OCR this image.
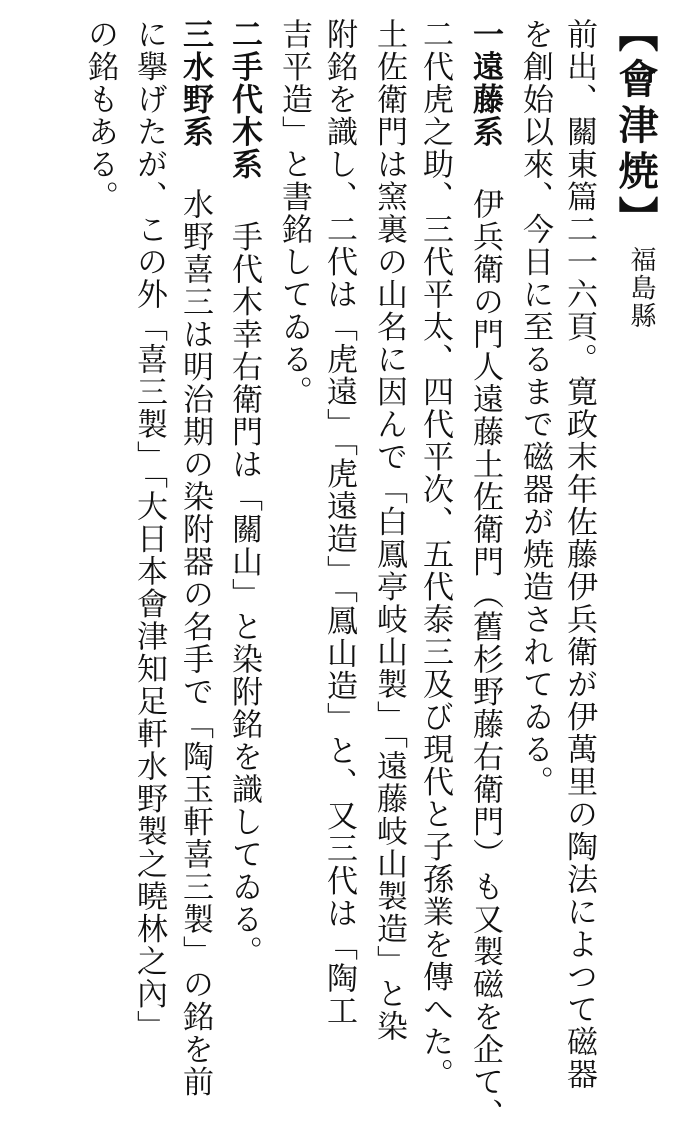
【會津焼】
福島縣
前出、關東篇二一六頁。寛政末年佐藤伊兵衛が伊萬里の陶法によつて磁器
を創始以來、今日に至るまで磁器が焼造されてゐる。
一遠藤系伊兵衛の門人遠藤土佐衛門（舊杉野藤右衛門）も又製磁を企て、
二代虎之助、三代平太、四代平次、五代泰三及び現代と子孫業を傳へた。
土佐衛門は窯裏の山名に因んで「白鳳亭岐山製」「遠藤岐山製造」と染
附銘を識し、二代は「虎遠」「虎遠造」「鳳山造」と、又三代は「陶工
吉平造」と書銘してゐる。
二手代木系手代木幸右衛門は「關山」と染附銘を識してゐる。
三水野系水野喜三は明治期の染附器の名手で「陶玉軒喜三製」の銘を前
に擧げたが、この外「喜三製」「大日本會津知足軒水野製之曉林之內」
の銘もある。
